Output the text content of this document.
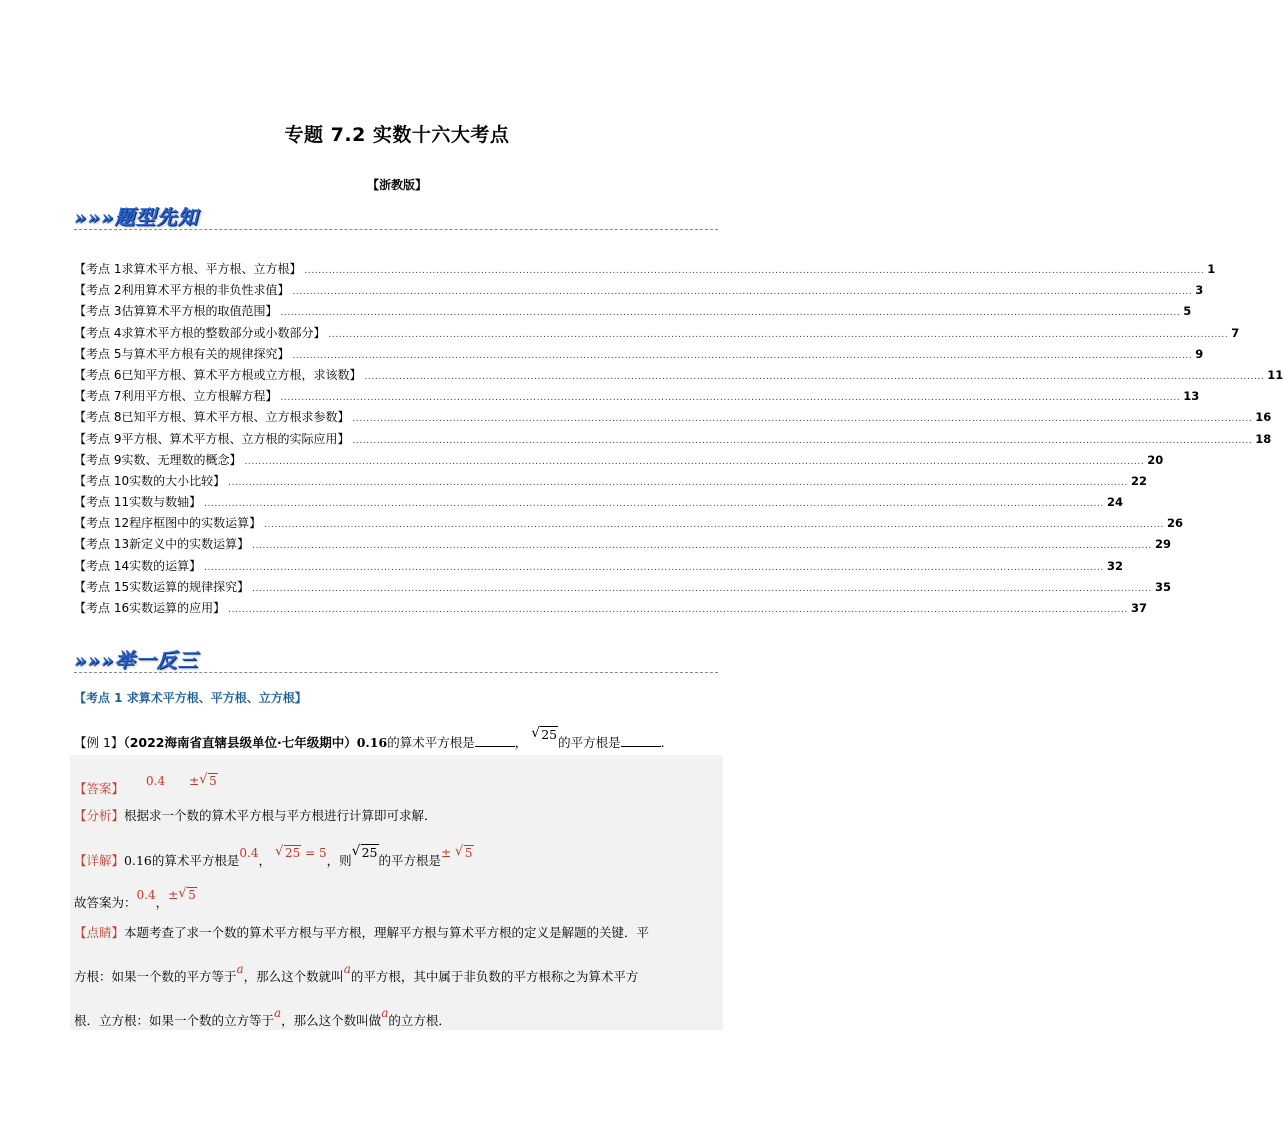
专题 7.2 实数十六大考点
【浙教版】
»»»题型先知
【考点 1 求算术平方根、平方根、立方根】 .................................................................................................................................................................................................................................................................... 1
【考点 2 利用算术平方根的非负性求值】 .................................................................................................................................................................................................................................................................... 3
【考点 3 估算算术平方根的取值范围】 .................................................................................................................................................................................................................................................................... 5
【考点 4 求算术平方根的整数部分或小数部分】 .................................................................................................................................................................................................................................................................... 7
【考点 5 与算术平方根有关的规律探究】 .................................................................................................................................................................................................................................................................... 9
【考点 6 已知平方根、算术平方根或立方根，求该数】 .................................................................................................................................................................................................................................................................... 11
【考点 7 利用平方根、立方根解方程】 .................................................................................................................................................................................................................................................................... 13
【考点 8 已知平方根、算术平方根、立方根求参数】 .................................................................................................................................................................................................................................................................... 16
【考点 9 平方根、算术平方根、立方根的实际应用】 .................................................................................................................................................................................................................................................................... 18
【考点 9 实数、无理数的概念】 .................................................................................................................................................................................................................................................................... 20
【考点 10 实数的大小比较】 .................................................................................................................................................................................................................................................................... 22
【考点 11 实数与数轴】 .................................................................................................................................................................................................................................................................... 24
【考点 12 程序框图中的实数运算】 .................................................................................................................................................................................................................................................................... 26
【考点 13 新定义中的实数运算】 .................................................................................................................................................................................................................................................................... 29
【考点 14 实数的运算】 .................................................................................................................................................................................................................................................................... 32
【考点 15 实数运算的规律探究】 .................................................................................................................................................................................................................................................................... 35
【考点 16 实数运算的应用】 .................................................................................................................................................................................................................................................................... 37
»»»举一反三
【考点 1 求算术平方根、平方根、立方根】
【例 1】（2022海南省直辖县级单位·七年级期中）0.16的算术平方根是	， √ 25的平方根是	.
【答案】 0.4 ± √ 5
【分析】根据求一个数的算术平方根与平方根进行计算即可求解．
【详解】0.16的算术平方根是0.4， √ 25 = 5，则√ 25的平方根是± √ 5
故答案为：0.4，± √ 5
【点睛】本题考查了求一个数的算术平方根与平方根，理解平方根与算术平方根的定义是解题的关键．平
方根：如果一个数的平方等于a，那么这个数就叫a的平方根，其中属于非负数的平方根称之为算术平方
根．立方根：如果一个数的立方等于a，那么这个数叫做a的立方根．
